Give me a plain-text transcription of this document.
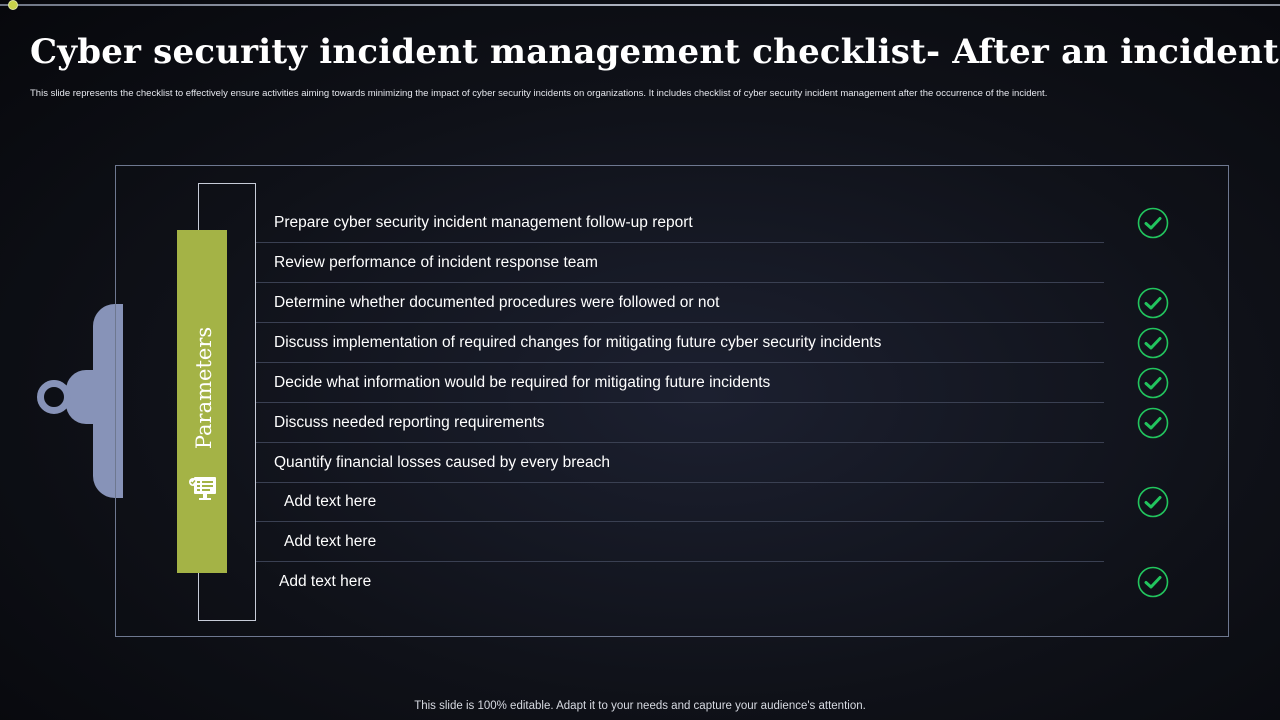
Cyber security incident management checklist- After an incident

This slide represents the checklist to effectively ensure activities aiming towards minimizing the impact of cyber security incidents on organizations. It includes checklist of cyber security incident management after the occurrence of the incident.

Parameters
Prepare cyber security incident management follow-up report
Review performance of incident response team
Determine whether documented procedures were followed or not
Discuss implementation of required changes for mitigating future cyber security incidents
Decide what information would be required for mitigating future incidents
Discuss needed reporting requirements
Quantify financial losses caused by every breach
Add text here
Add text here
Add text here
This slide is 100% editable. Adapt it to your needs and capture your audience's attention.
